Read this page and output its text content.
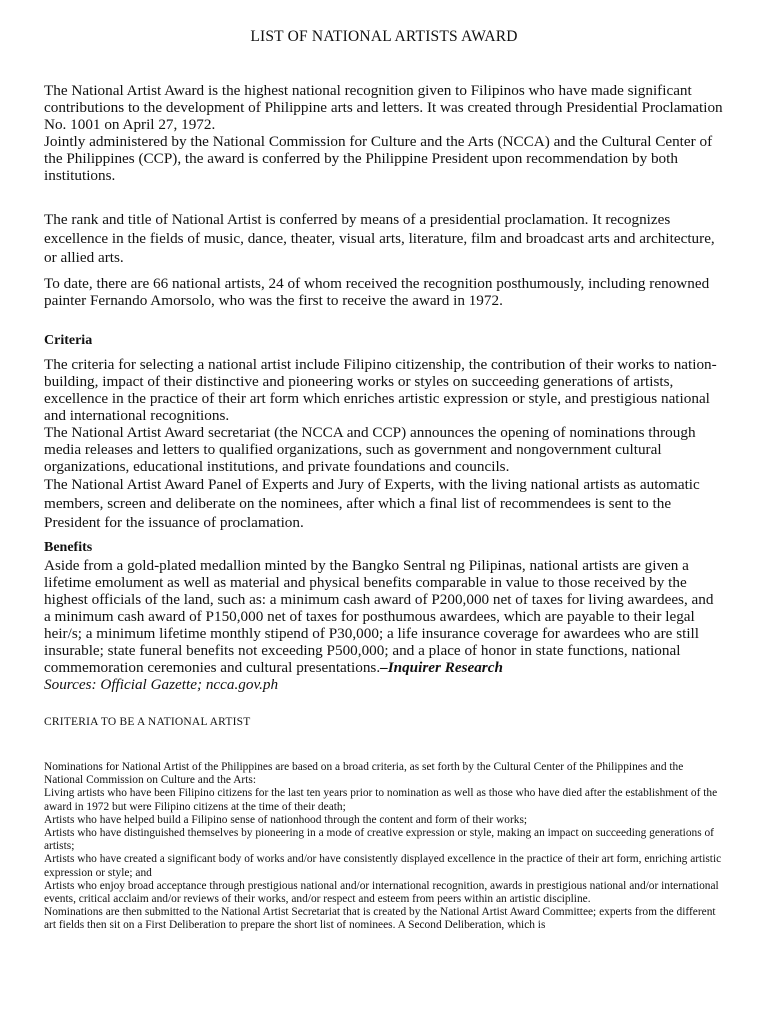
LIST OF NATIONAL ARTISTS AWARD

The National Artist Award is the highest national recognition given to Filipinos who have made significant contributions to the development of Philippine arts and letters. It was created through Presidential Proclamation No. 1001 on April 27, 1972.

Jointly administered by the National Commission for Culture and the Arts (NCCA) and the Cultural Center of the Philippines (CCP), the award is conferred by the Philippine President upon recommendation by both institutions.

The rank and title of National Artist is conferred by means of a presidential proclamation. It recognizes excellence in the fields of music, dance, theater, visual arts, literature, film and broadcast arts and architecture, or allied arts.

To date, there are 66 national artists, 24 of whom received the recognition posthumously, including renowned painter Fernando Amorsolo, who was the first to receive the award in 1972.

Criteria

The criteria for selecting a national artist include Filipino citizenship, the contribution of their works to nation-building, impact of their distinctive and pioneering works or styles on succeeding generations of artists, excellence in the practice of their art form which enriches artistic expression or style, and prestigious national and international recognitions.

The National Artist Award secretariat (the NCCA and CCP) announces the opening of nominations through media releases and letters to qualified organizations, such as government and nongovernment cultural organizations, educational institutions, and private foundations and councils.

The National Artist Award Panel of Experts and Jury of Experts, with the living national artists as automatic members, screen and deliberate on the nominees, after which a final list of recommendees is sent to the President for the issuance of proclamation.

Benefits

Aside from a gold-plated medallion minted by the Bangko Sentral ng Pilipinas, national artists are given a lifetime emolument as well as material and physical benefits comparable in value to those received by the highest officials of the land, such as: a minimum cash award of P200,000 net of taxes for living awardees, and a minimum cash award of P150,000 net of taxes for posthumous awardees, which are payable to their legal heir/s; a minimum lifetime monthly stipend of P30,000; a life insurance coverage for awardees who are still insurable; state funeral benefits not exceeding P500,000; and a place of honor in state functions, national commemoration ceremonies and cultural presentations.–Inquirer Research

Sources: Official Gazette; ncca.gov.ph

CRITERIA TO BE A NATIONAL ARTIST

Nominations for National Artist of the Philippines are based on a broad criteria, as set forth by the Cultural Center of the Philippines and the National Commission on Culture and the Arts:

Living artists who have been Filipino citizens for the last ten years prior to nomination as well as those who have died after the establishment of the award in 1972 but were Filipino citizens at the time of their death;

Artists who have helped build a Filipino sense of nationhood through the content and form of their works;

Artists who have distinguished themselves by pioneering in a mode of creative expression or style, making an impact on succeeding generations of artists;

Artists who have created a significant body of works and/or have consistently displayed excellence in the practice of their art form, enriching artistic expression or style; and

Artists who enjoy broad acceptance through prestigious national and/or international recognition, awards in prestigious national and/or international events, critical acclaim and/or reviews of their works, and/or respect and esteem from peers within an artistic discipline.

Nominations are then submitted to the National Artist Secretariat that is created by the National Artist Award Committee; experts from the different art fields then sit on a First Deliberation to prepare the short list of nominees. A Second Deliberation, which is
